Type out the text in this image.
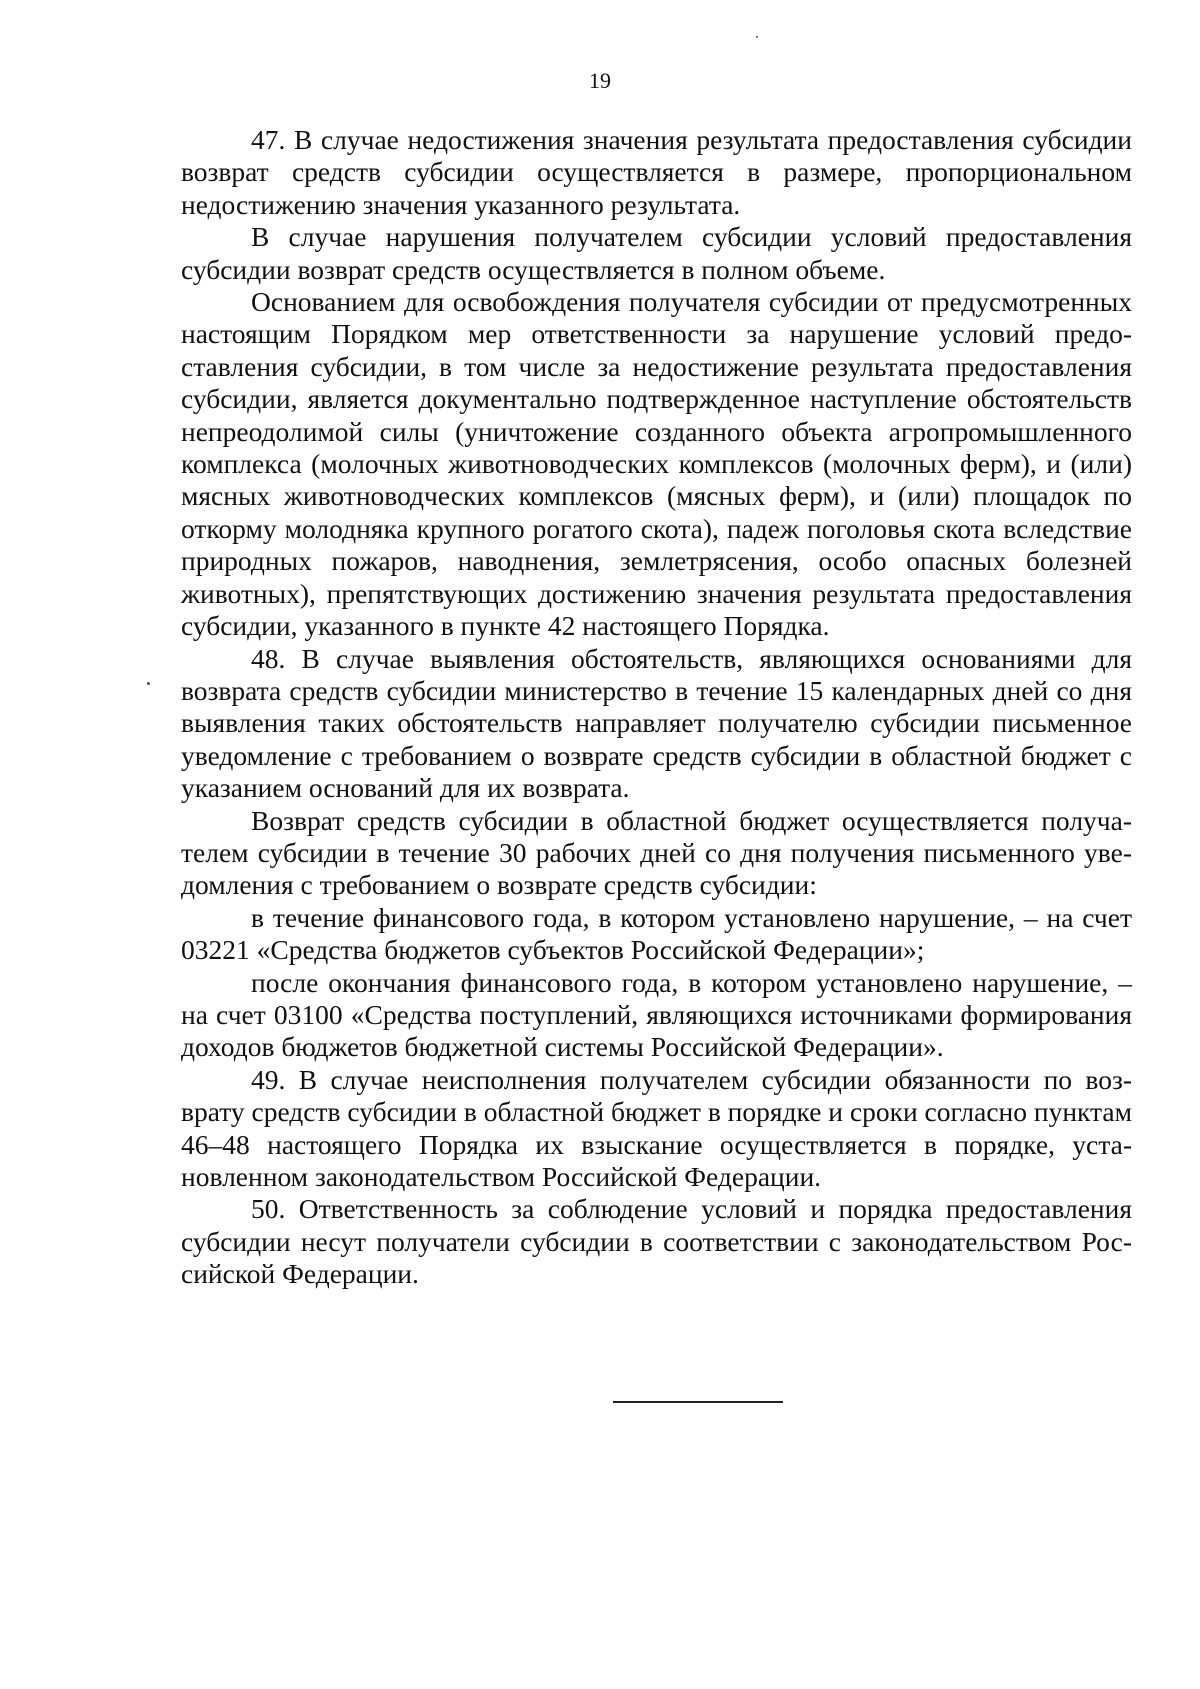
19

47. В случае недостижения значения результата предоставления субсидии возврат средств субсидии осуществляется в размере, пропорциональном недостижению значения указанного результата.

В случае нарушения получателем субсидии условий предоставления субсидии возврат средств осуществляется в полном объеме.

Основанием для освобождения получателя субсидии от предусмотренных настоящим Порядком мер ответственности за нарушение условий предоставления субсидии, в том числе за недостижение результата предоставления субсидии, является документально подтвержденное наступление обстоятельств непреодолимой силы (уничтожение созданного объекта агропромышленного комплекса (молочных животноводческих комплексов (молочных ферм), и (или) мясных животноводческих комплексов (мясных ферм), и (или) площадок по откорму молодняка крупного рогатого скота), падеж поголовья скота вследствие природных пожаров, наводнения, землетрясения, особо опасных болезней животных), препятствующих достижению значения результата предоставления субсидии, указанного в пункте 42 настоящего Порядка.

48. В случае выявления обстоятельств, являющихся основаниями для возврата средств субсидии министерство в течение 15 календарных дней со дня выявления таких обстоятельств направляет получателю субсидии письменное уведомление с требованием о возврате средств субсидии в областной бюджет с указанием оснований для их возврата.

Возврат средств субсидии в областной бюджет осуществляется получателем субсидии в течение 30 рабочих дней со дня получения письменного уведомления с требованием о возврате средств субсидии:

в течение финансового года, в котором установлено нарушение, – на счет 03221 «Средства бюджетов субъектов Российской Федерации»;

после окончания финансового года, в котором установлено нарушение, – на счет 03100 «Средства поступлений, являющихся источниками формирования доходов бюджетов бюджетной системы Российской Федерации».

49. В случае неисполнения получателем субсидии обязанности по возврату средств субсидии в областной бюджет в порядке и сроки согласно пунктам 46–48 настоящего Порядка их взыскание осуществляется в порядке, установленном законодательством Российской Федерации.

50. Ответственность за соблюдение условий и порядка предоставления субсидии несут получатели субсидии в соответствии с законодательством Российской Федерации.
